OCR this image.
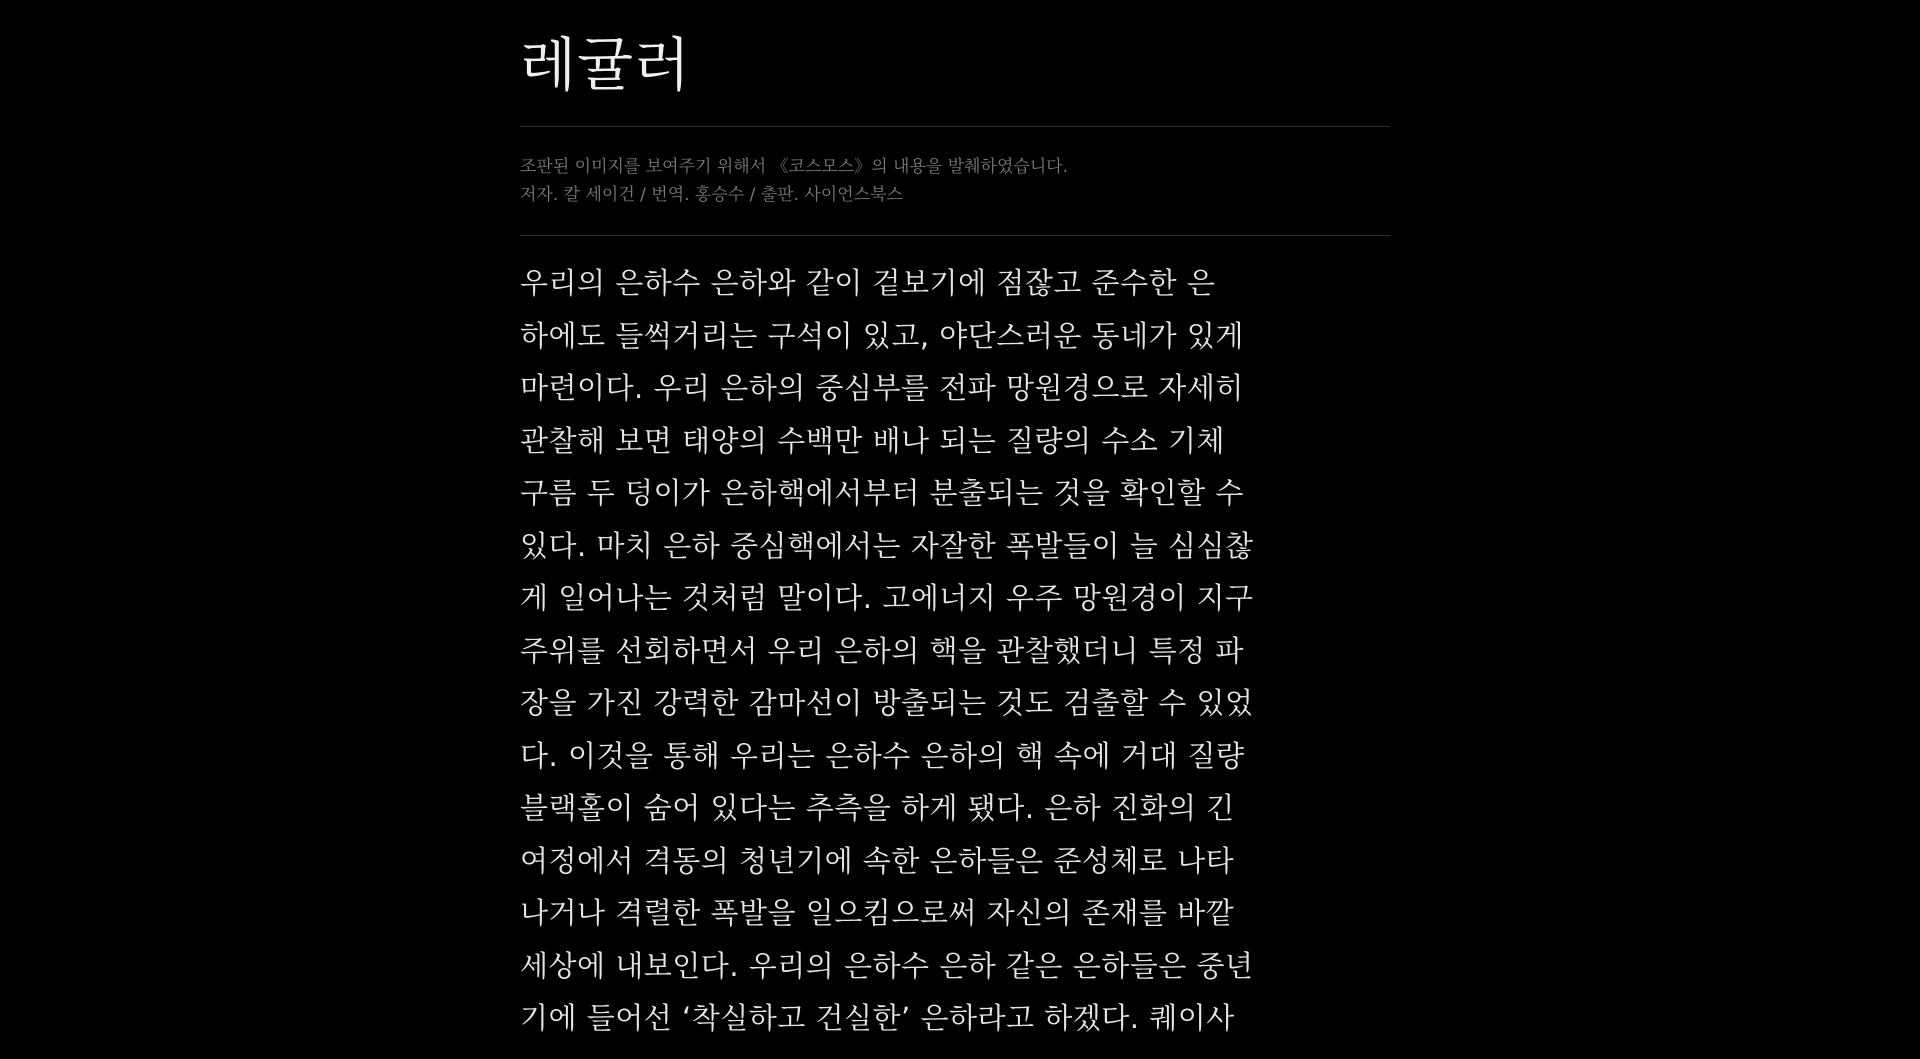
레귤러
조판된 이미지를 보여주기 위해서 《코스모스》의 내용을 발췌하였습니다.
저자. 칼 세이건 / 번역. 홍승수 / 출판. 사이언스북스

우리의 은하수 은하와 같이 겉보기에 점잖고 준수한 은
하에도 들썩거리는 구석이 있고, 야단스러운 동네가 있게
마련이다. 우리 은하의 중심부를 전파 망원경으로 자세히
관찰해 보면 태양의 수백만 배나 되는 질량의 수소 기체
구름 두 덩이가 은하핵에서부터 분출되는 것을 확인할 수
있다. 마치 은하 중심핵에서는 자잘한 폭발들이 늘 심심찮
게 일어나는 것처럼 말이다. 고에너지 우주 망원경이 지구
주위를 선회하면서 우리 은하의 핵을 관찰했더니 특정 파
장을 가진 강력한 감마선이 방출되는 것도 검출할 수 있었
다. 이것을 통해 우리는 은하수 은하의 핵 속에 거대 질량
블랙홀이 숨어 있다는 추측을 하게 됐다. 은하 진화의 긴
여정에서 격동의 청년기에 속한 은하들은 준성체로 나타
나거나 격렬한 폭발을 일으킴으로써 자신의 존재를 바깥
세상에 내보인다. 우리의 은하수 은하 같은 은하들은 중년
기에 들어선 ‘착실하고 건실한’ 은하라고 하겠다. 퀘이사
